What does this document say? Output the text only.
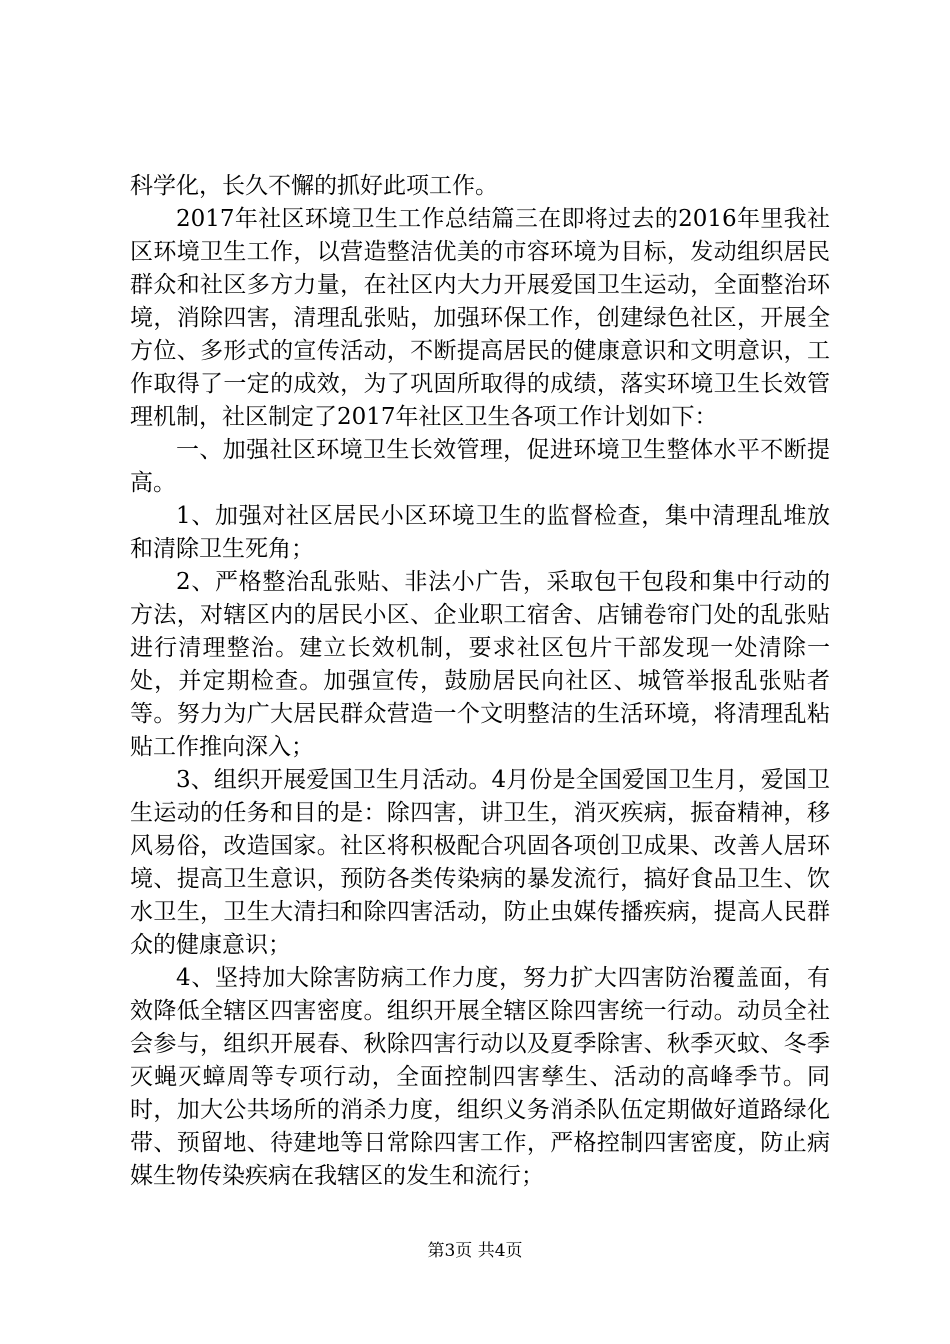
科学化，长久不懈的抓好此项工作。

2017年社区环境卫生工作总结篇三在即将过去的2016年里我社区环境卫生工作，以营造整洁优美的市容环境为目标，发动组织居民群众和社区多方力量，在社区内大力开展爱国卫生运动，全面整治环境，消除四害，清理乱张贴，加强环保工作，创建绿色社区，开展全方位、多形式的宣传活动，不断提高居民的健康意识和文明意识，工作取得了一定的成效，为了巩固所取得的成绩，落实环境卫生长效管理机制，社区制定了2017年社区卫生各项工作计划如下：

一、加强社区环境卫生长效管理，促进环境卫生整体水平不断提高。

1、加强对社区居民小区环境卫生的监督检查，集中清理乱堆放和清除卫生死角；

2、严格整治乱张贴、非法小广告，采取包干包段和集中行动的方法，对辖区内的居民小区、企业职工宿舍、店铺卷帘门处的乱张贴进行清理整治。建立长效机制，要求社区包片干部发现一处清除一处，并定期检查。加强宣传，鼓励居民向社区、城管举报乱张贴者等。努力为广大居民群众营造一个文明整洁的生活环境，将清理乱粘贴工作推向深入；

3、组织开展爱国卫生月活动。4月份是全国爱国卫生月，爱国卫生运动的任务和目的是：除四害，讲卫生，消灭疾病，振奋精神，移风易俗，改造国家。社区将积极配合巩固各项创卫成果、改善人居环境、提高卫生意识，预防各类传染病的暴发流行，搞好食品卫生、饮水卫生，卫生大清扫和除四害活动，防止虫媒传播疾病，提高人民群众的健康意识；

4、坚持加大除害防病工作力度，努力扩大四害防治覆盖面，有效降低全辖区四害密度。组织开展全辖区除四害统一行动。动员全社会参与，组织开展春、秋除四害行动以及夏季除害、秋季灭蚊、冬季灭蝇灭蟑周等专项行动，全面控制四害孳生、活动的高峰季节。同时，加大公共场所的消杀力度，组织义务消杀队伍定期做好道路绿化带、预留地、待建地等日常除四害工作，严格控制四害密度，防止病媒生物传染疾病在我辖区的发生和流行；

第3页 共4页
